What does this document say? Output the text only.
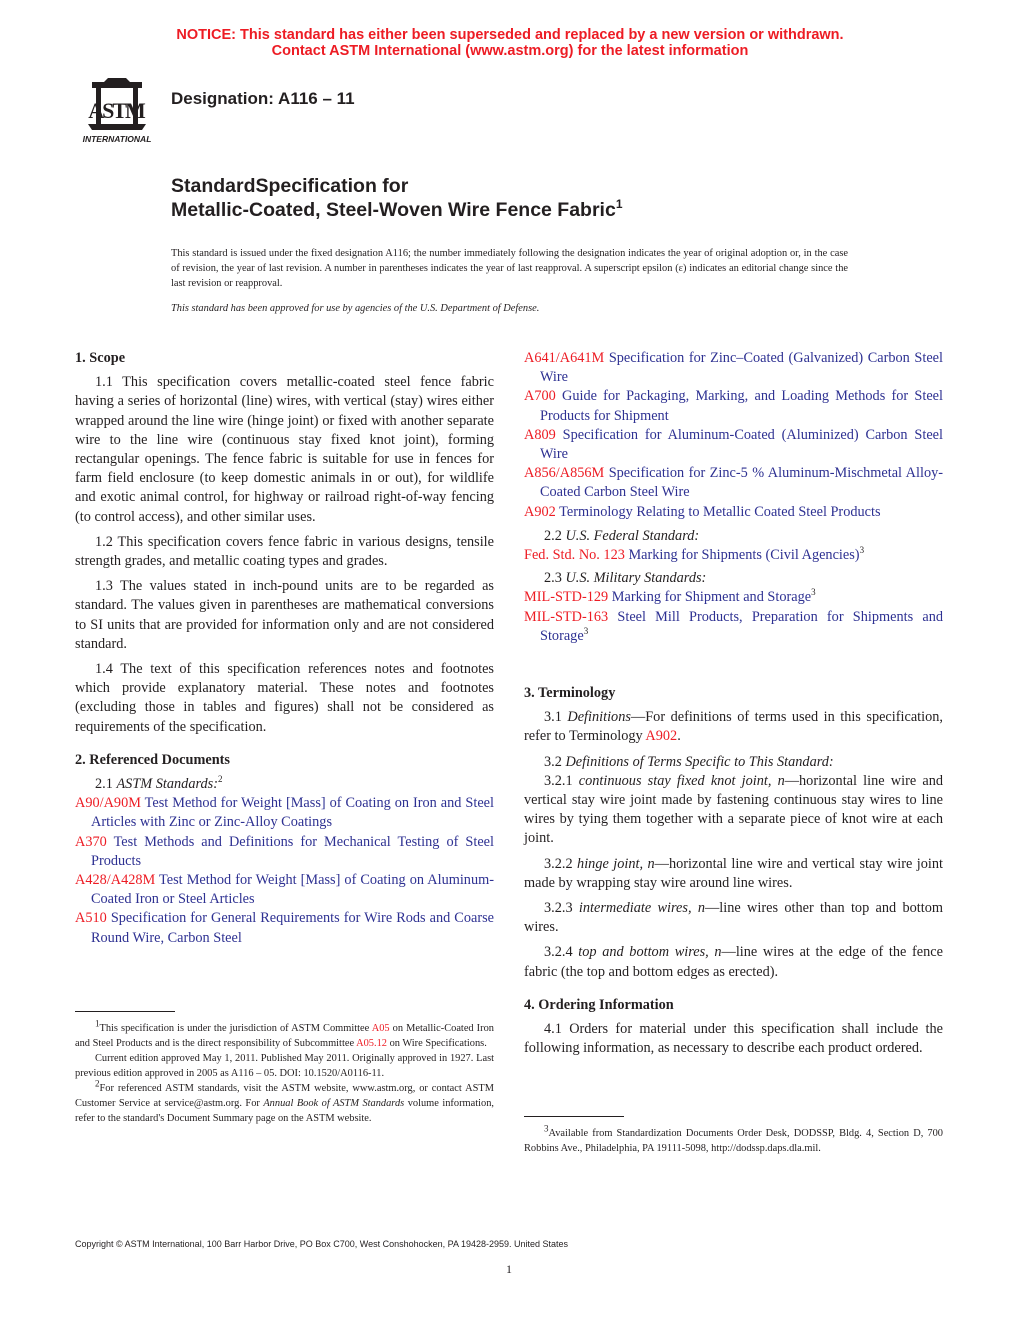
NOTICE: This standard has either been superseded and replaced by a new version or withdrawn.
Contact ASTM International (www.astm.org) for the latest information
ASTM
INTERNATIONAL
Designation: A116 – 11
StandardSpecification for
Metallic-Coated, Steel-Woven Wire Fence Fabric$^1$
This standard is issued under the fixed designation A116; the number immediately following the designation indicates the year of original adoption or, in the case of revision, the year of last revision. A number in parentheses indicates the year of last reapproval. A superscript epsilon (ε) indicates an editorial change since the last revision or reapproval.
This standard has been approved for use by agencies of the U.S. Department of Defense.
1. Scope

1.1 This specification covers metallic-coated steel fence fabric having a series of horizontal (line) wires, with vertical (stay) wires either wrapped around the line wire (hinge joint) or fixed with another separate wire to the line wire (continuous stay fixed knot joint), forming rectangular openings. The fence fabric is suitable for use in fences for farm field enclosure (to keep domestic animals in or out), for wildlife and exotic animal control, for highway or railroad right-of-way fencing (to control access), and other similar uses.

1.2 This specification covers fence fabric in various designs, tensile strength grades, and metallic coating types and grades.

1.3 The values stated in inch-pound units are to be regarded as standard. The values given in parentheses are mathematical conversions to SI units that are provided for information only and are not considered standard.

1.4 The text of this specification references notes and footnotes which provide explanatory material. These notes and footnotes (excluding those in tables and figures) shall not be considered as requirements of the specification.

2. Referenced Documents

2.1 ASTM Standards:$^2$

A90/A90M Test Method for Weight [Mass] of Coating on Iron and Steel Articles with Zinc or Zinc-Alloy Coatings

A370 Test Methods and Definitions for Mechanical Testing of Steel Products

A428/A428M Test Method for Weight [Mass] of Coating on Aluminum-Coated Iron or Steel Articles

A510 Specification for General Requirements for Wire Rods and Coarse Round Wire, Carbon Steel

A641/A641M Specification for Zinc–Coated (Galvanized) Carbon Steel Wire

A700 Guide for Packaging, Marking, and Loading Methods for Steel Products for Shipment

A809 Specification for Aluminum-Coated (Aluminized) Carbon Steel Wire

A856/A856M Specification for Zinc-5 % Aluminum-Mischmetal Alloy-Coated Carbon Steel Wire

A902 Terminology Relating to Metallic Coated Steel Products

2.2 U.S. Federal Standard:

Fed. Std. No. 123 Marking for Shipments (Civil Agencies)$^3$

2.3 U.S. Military Standards:

MIL-STD-129 Marking for Shipment and Storage$^3$

MIL-STD-163 Steel Mill Products, Preparation for Shipments and Storage$^3$

3. Terminology

3.1 Definitions—For definitions of terms used in this specification, refer to Terminology A902.

3.2 Definitions of Terms Specific to This Standard:

3.2.1 continuous stay fixed knot joint, n—horizontal line wire and vertical stay wire joint made by fastening continuous stay wires to line wires by tying them together with a separate piece of knot wire at each joint.

3.2.2 hinge joint, n—horizontal line wire and vertical stay wire joint made by wrapping stay wire around line wires.

3.2.3 intermediate wires, n—line wires other than top and bottom wires.

3.2.4 top and bottom wires, n—line wires at the edge of the fence fabric (the top and bottom edges as erected).

4. Ordering Information

4.1 Orders for material under this specification shall include the following information, as necessary to describe each product ordered.

$^1$This specification is under the jurisdiction of ASTM Committee A05 on Metallic-Coated Iron and Steel Products and is the direct responsibility of Subcommittee A05.12 on Wire Specifications.

Current edition approved May 1, 2011. Published May 2011. Originally approved in 1927. Last previous edition approved in 2005 as A116 – 05. DOI: 10.1520/A0116-11.

$^2$For referenced ASTM standards, visit the ASTM website, www.astm.org, or contact ASTM Customer Service at service@astm.org. For Annual Book of ASTM Standards volume information, refer to the standard's Document Summary page on the ASTM website.

$^3$Available from Standardization Documents Order Desk, DODSSP, Bldg. 4, Section D, 700 Robbins Ave., Philadelphia, PA 19111-5098, http://dodssp.daps.dla.mil.

Copyright © ASTM International, 100 Barr Harbor Drive, PO Box C700, West Conshohocken, PA 19428-2959. United States
1
